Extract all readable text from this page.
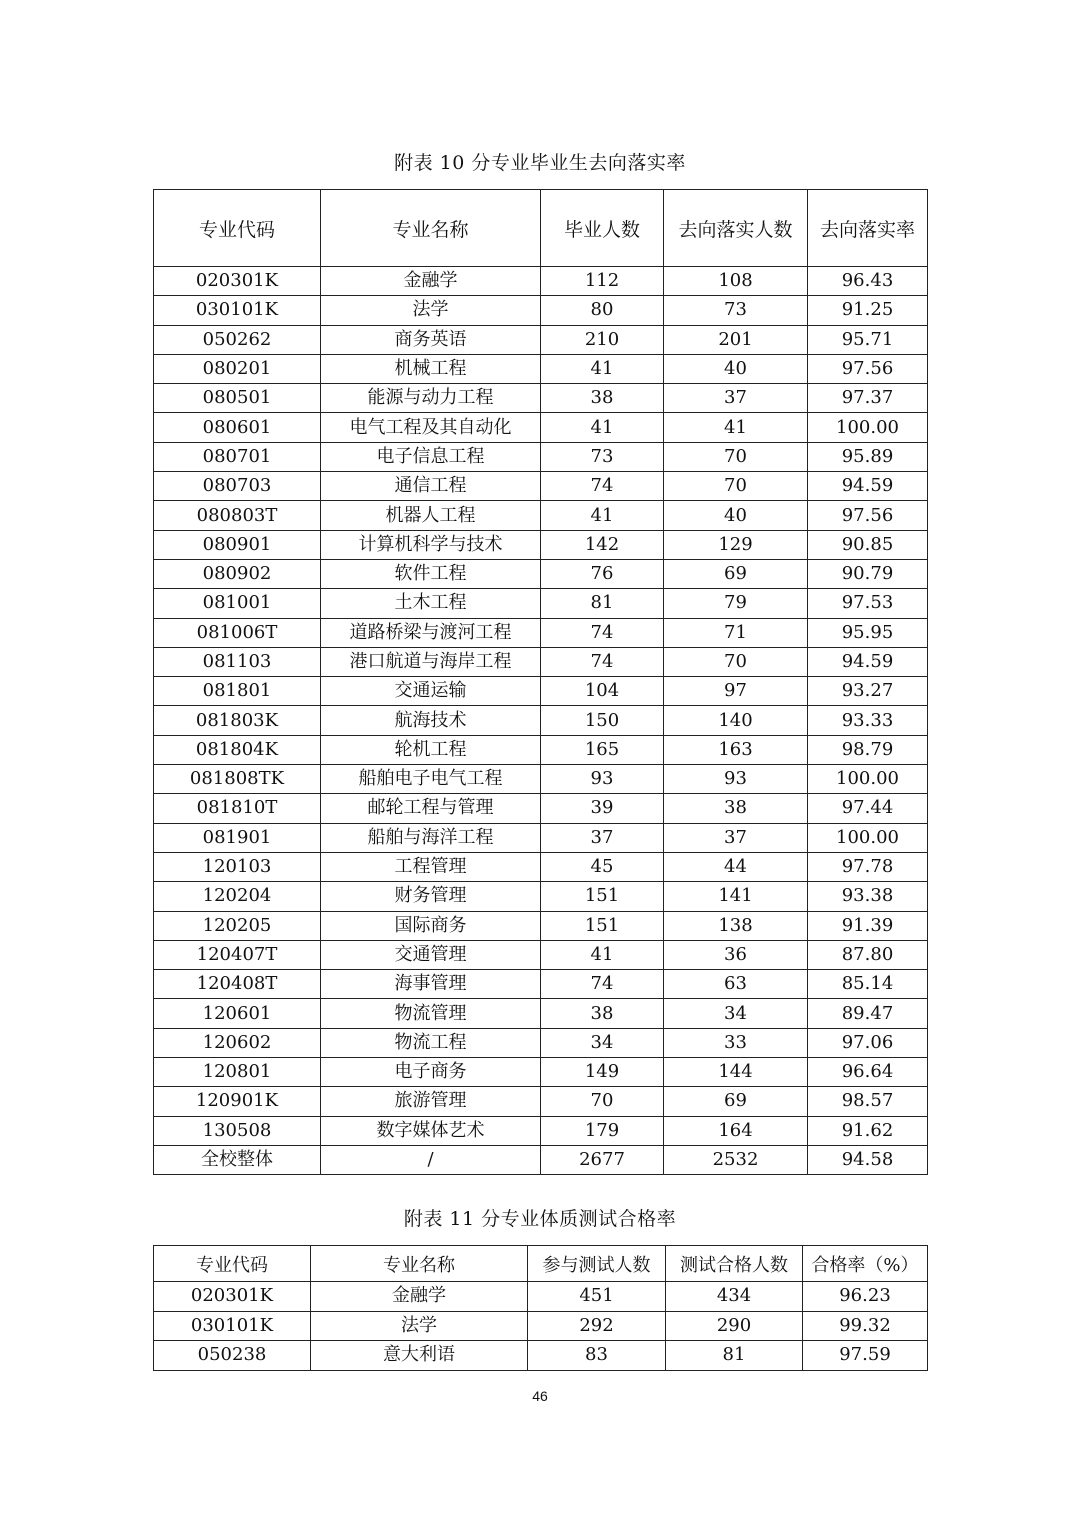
附表 10 分专业毕业生去向落实率
专业代码	专业名称	毕业人数	去向落实人数	去向落实率
020301K	金融学	112	108	96.43
030101K	法学	80	73	91.25
050262	商务英语	210	201	95.71
080201	机械工程	41	40	97.56
080501	能源与动力工程	38	37	97.37
080601	电气工程及其自动化	41	41	100.00
080701	电子信息工程	73	70	95.89
080703	通信工程	74	70	94.59
080803T	机器人工程	41	40	97.56
080901	计算机科学与技术	142	129	90.85
080902	软件工程	76	69	90.79
081001	土木工程	81	79	97.53
081006T	道路桥梁与渡河工程	74	71	95.95
081103	港口航道与海岸工程	74	70	94.59
081801	交通运输	104	97	93.27
081803K	航海技术	150	140	93.33
081804K	轮机工程	165	163	98.79
081808TK	船舶电子电气工程	93	93	100.00
081810T	邮轮工程与管理	39	38	97.44
081901	船舶与海洋工程	37	37	100.00
120103	工程管理	45	44	97.78
120204	财务管理	151	141	93.38
120205	国际商务	151	138	91.39
120407T	交通管理	41	36	87.80
120408T	海事管理	74	63	85.14
120601	物流管理	38	34	89.47
120602	物流工程	34	33	97.06
120801	电子商务	149	144	96.64
120901K	旅游管理	70	69	98.57
130508	数字媒体艺术	179	164	91.62
全校整体	/	2677	2532	94.58
附表 11 分专业体质测试合格率
专业代码	专业名称	参与测试人数	测试合格人数	合格率（%）
020301K	金融学	451	434	96.23
030101K	法学	292	290	99.32
050238	意大利语	83	81	97.59
46
